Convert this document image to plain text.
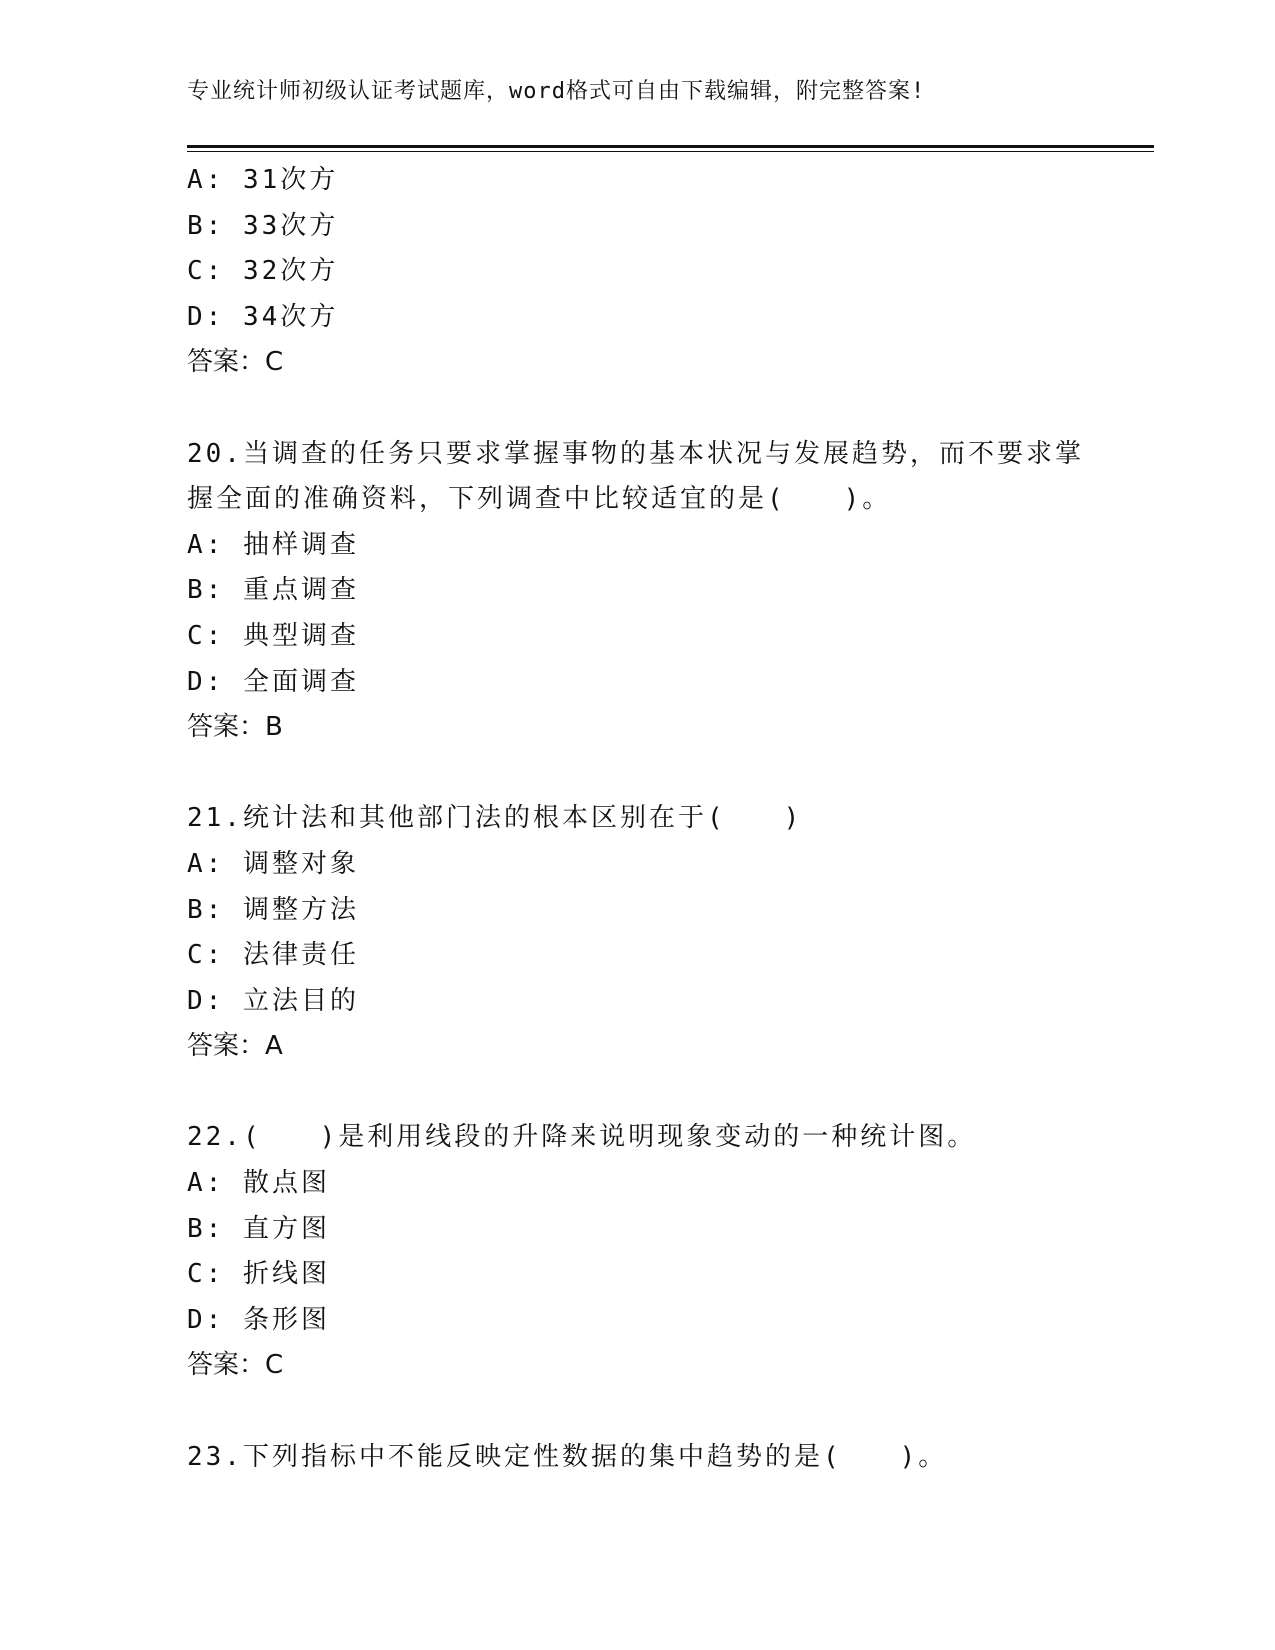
专业统计师初级认证考试题库，word格式可自由下载编辑，附完整答案!
A: 31次方
B: 33次方
C: 32次方
D: 34次方
答案：C
20.当调查的任务只要求掌握事物的基本状况与发展趋势，而不要求掌
握全面的准确资料，下列调查中比较适宜的是(　　)。
A: 抽样调查
B: 重点调查
C: 典型调查
D: 全面调查
答案：B
21.统计法和其他部门法的根本区别在于(　　)
A: 调整对象
B: 调整方法
C: 法律责任
D: 立法目的
答案：A
22.(　　)是利用线段的升降来说明现象变动的一种统计图。
A: 散点图
B: 直方图
C: 折线图
D: 条形图
答案：C
23.下列指标中不能反映定性数据的集中趋势的是(　　)。
